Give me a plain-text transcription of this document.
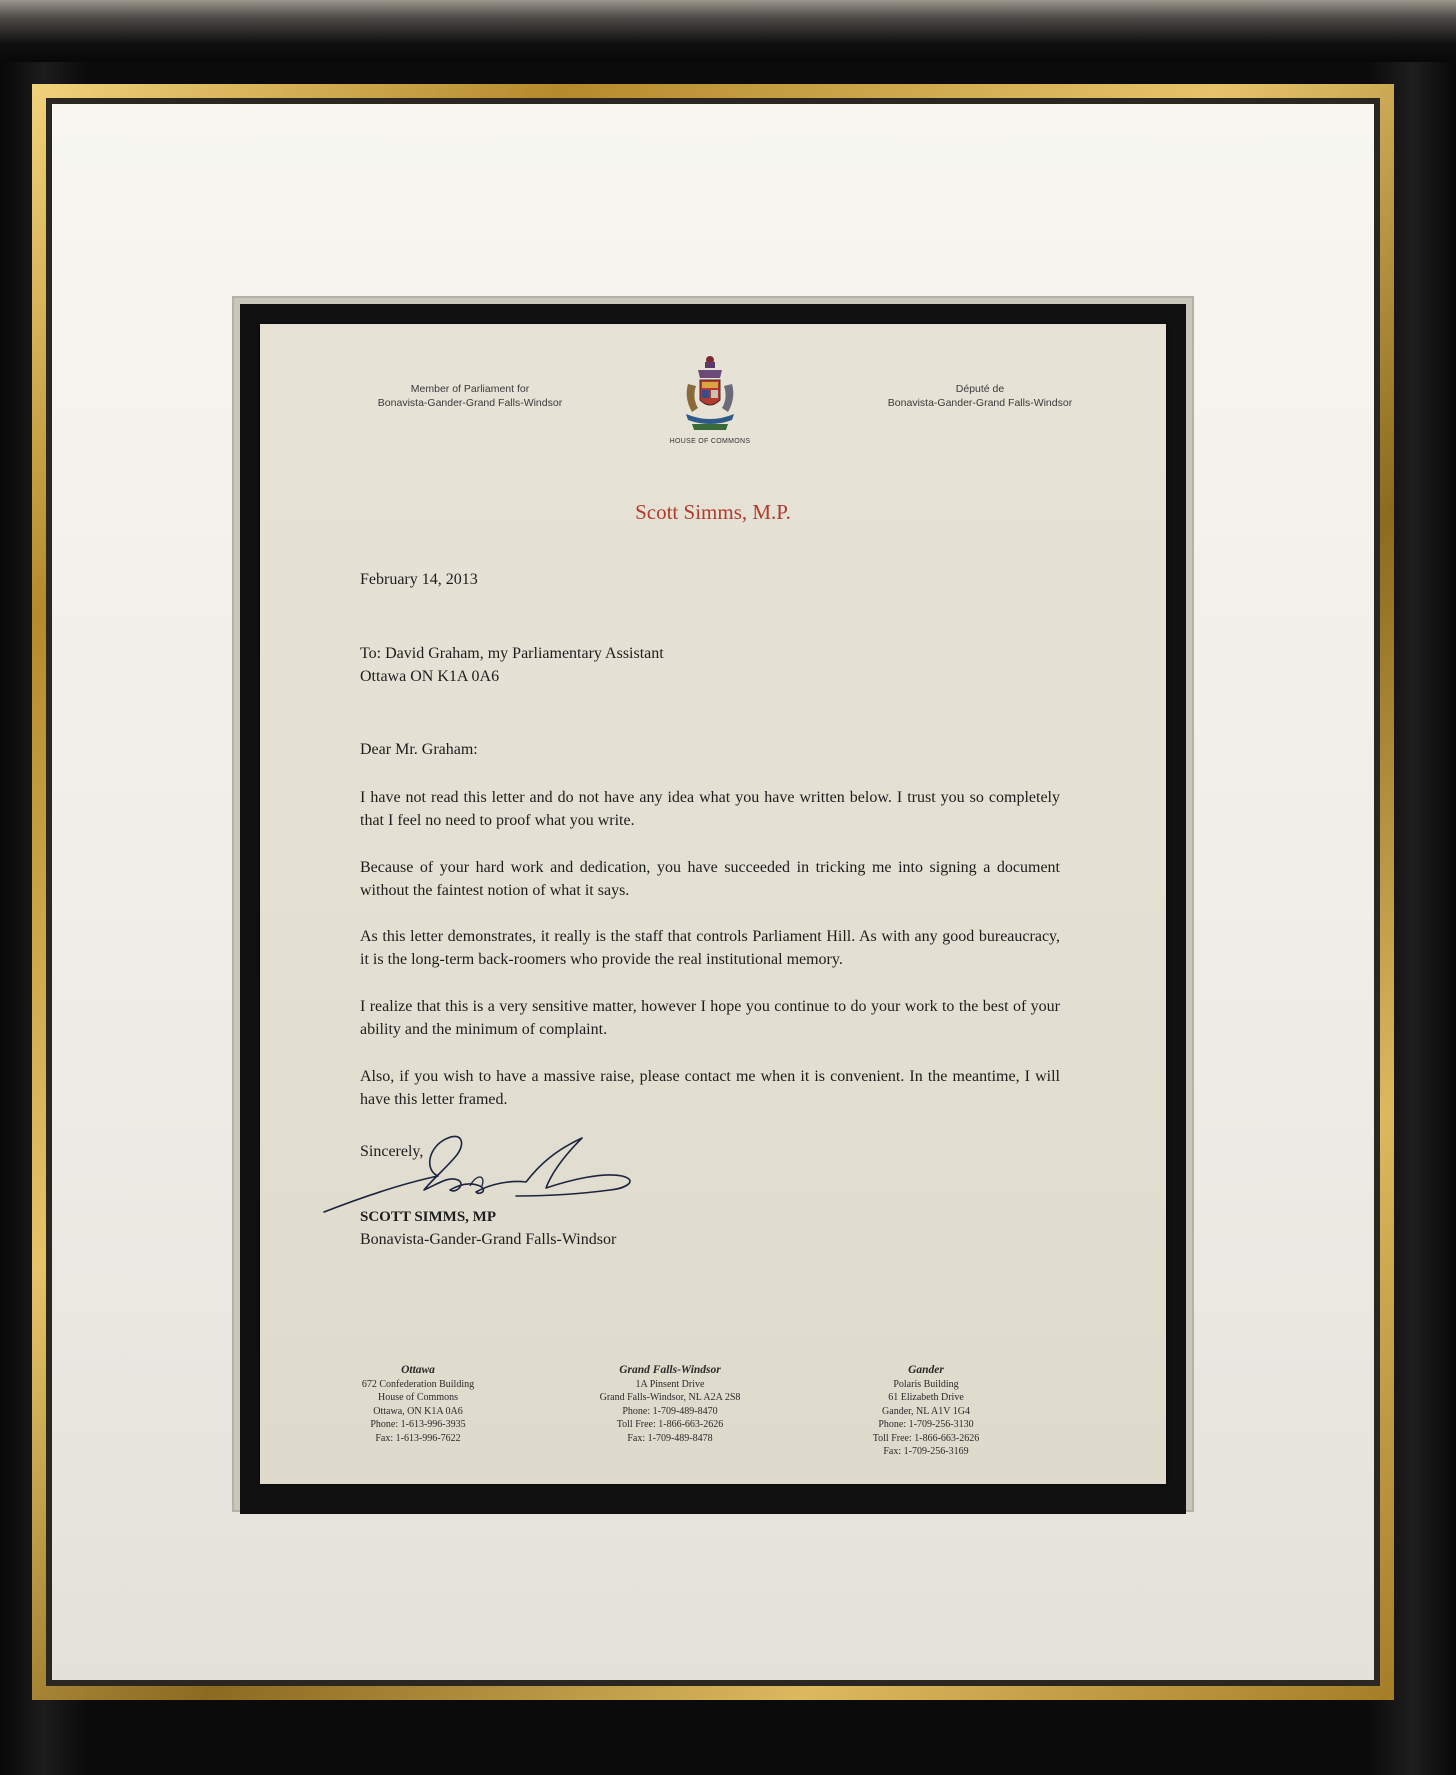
Member of Parliament for
Bonavista-Gander-Grand Falls-Windsor
HOUSE OF COMMONS
Député de
Bonavista-Gander-Grand Falls-Windsor
Scott Simms, M.P.
February 14, 2013
To: David Graham, my Parliamentary Assistant
Ottawa ON K1A 0A6
Dear Mr. Graham:
I have not read this letter and do not have any idea what you have written below. I trust you so completely that I feel no need to proof what you write.
Because of your hard work and dedication, you have succeeded in tricking me into signing a document without the faintest notion of what it says.
As this letter demonstrates, it really is the staff that controls Parliament Hill. As with any good bureaucracy, it is the long-term back-roomers who provide the real institutional memory.
I realize that this is a very sensitive matter, however I hope you continue to do your work to the best of your ability and the minimum of complaint.
Also, if you wish to have a massive raise, please contact me when it is convenient. In the meantime, I will have this letter framed.
Sincerely,
SCOTT SIMMS, MP
Bonavista-Gander-Grand Falls-Windsor
Ottawa
672 Confederation Building
House of Commons
Ottawa, ON K1A 0A6
Phone: 1-613-996-3935
Fax: 1-613-996-7622
Grand Falls-Windsor
1A Pinsent Drive
Grand Falls-Windsor, NL A2A 2S8
Phone: 1-709-489-8470
Toll Free: 1-866-663-2626
Fax: 1-709-489-8478
Gander
Polaris Building
61 Elizabeth Drive
Gander, NL A1V 1G4
Phone: 1-709-256-3130
Toll Free: 1-866-663-2626
Fax: 1-709-256-3169
